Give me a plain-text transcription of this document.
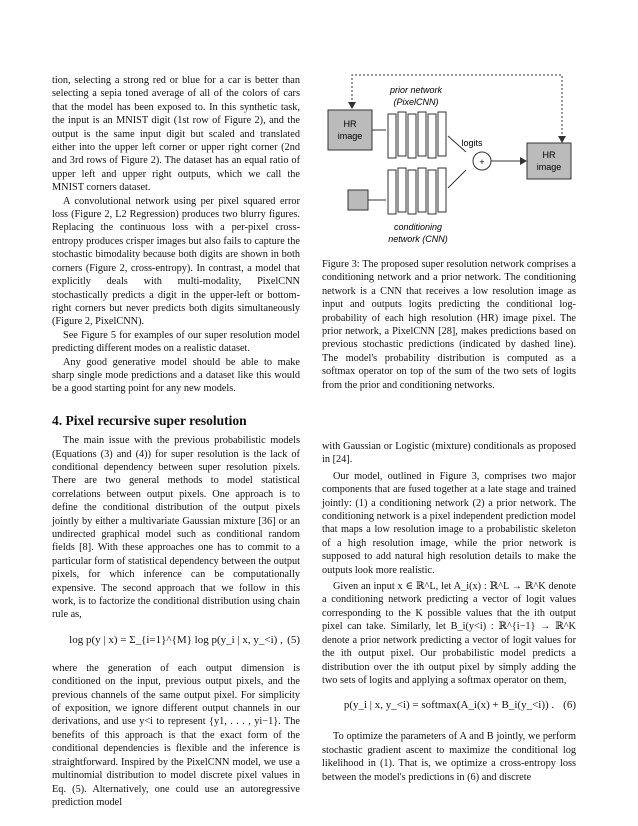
tion, selecting a strong red or blue for a car is better than selecting a sepia toned average of all of the colors of cars that the model has been exposed to. In this synthetic task, the input is an MNIST digit (1st row of Figure 2), and the output is the same input digit but scaled and translated either into the upper left corner or upper right corner (2nd and 3rd rows of Figure 2). The dataset has an equal ratio of upper left and upper right outputs, which we call the MNIST corners dataset.

A convolutional network using per pixel squared error loss (Figure 2, L2 Regression) produces two blurry figures. Replacing the continuous loss with a per-pixel cross-entropy produces crisper images but also fails to capture the stochastic bimodality because both digits are shown in both corners (Figure 2, cross-entropy). In contrast, a model that explicitly deals with multi-modality, PixelCNN stochastically predicts a digit in the upper-left or bottom-right corners but never predicts both digits simultaneously (Figure 2, PixelCNN).

See Figure 5 for examples of our super resolution model predicting different modes on a realistic dataset.

Any good generative model should be able to make sharp single mode predictions and a dataset like this would be a good starting point for any new models.

4. Pixel recursive super resolution

The main issue with the previous probabilistic models (Equations (3) and (4)) for super resolution is the lack of conditional dependency between super resolution pixels. There are two general methods to model statistical correlations between output pixels. One approach is to define the conditional distribution of the output pixels jointly by either a multivariate Gaussian mixture [36] or an undirected graphical model such as conditional random fields [8]. With these approaches one has to commit to a particular form of statistical dependency between the output pixels, for which inference can be computationally expensive. The second approach that we follow in this work, is to factorize the conditional distribution using chain rule as,

log p(y | x) = Σ_{i=1}^{M} log p(y_i | x, y_<i) , (5)

where the generation of each output dimension is conditioned on the input, previous output pixels, and the previous channels of the same output pixel. For simplicity of exposition, we ignore different output channels in our derivations, and use y<i to represent {y1, . . . , yi−1}. The benefits of this approach is that the exact form of the conditional dependencies is flexible and the inference is straightforward. Inspired by the PixelCNN model, we use a multinomial distribution to model discrete pixel values in Eq. (5). Alternatively, one could use an autoregressive prediction model

HR
image
prior network
(PixelCNN)
logits
+
HR
image
conditioning
network (CNN)

Figure 3: The proposed super resolution network comprises a conditioning network and a prior network. The conditioning network is a CNN that receives a low resolution image as input and outputs logits predicting the conditional log-probability of each high resolution (HR) image pixel. The prior network, a PixelCNN [28], makes predictions based on previous stochastic predictions (indicated by dashed line). The model's probability distribution is computed as a softmax operator on top of the sum of the two sets of logits from the prior and conditioning networks.

with Gaussian or Logistic (mixture) conditionals as proposed in [24].

Our model, outlined in Figure 3, comprises two major components that are fused together at a late stage and trained jointly: (1) a conditioning network (2) a prior network. The conditioning network is a pixel independent prediction model that maps a low resolution image to a probabilistic skeleton of a high resolution image, while the prior network is supposed to add natural high resolution details to make the outputs look more realistic.

Given an input x ∈ ℝ^L, let A_i(x) : ℝ^L → ℝ^K denote a conditioning network predicting a vector of logit values corresponding to the K possible values that the ith output pixel can take. Similarly, let B_i(y<i) : ℝ^{i−1} → ℝ^K denote a prior network predicting a vector of logit values for the ith output pixel. Our probabilistic model predicts a distribution over the ith output pixel by simply adding the two sets of logits and applying a softmax operator on them,

p(y_i | x, y_<i) = softmax(A_i(x) + B_i(y_<i)) . (6)

To optimize the parameters of A and B jointly, we perform stochastic gradient ascent to maximize the conditional log likelihood in (1). That is, we optimize a cross-entropy loss between the model's predictions in (6) and discrete
